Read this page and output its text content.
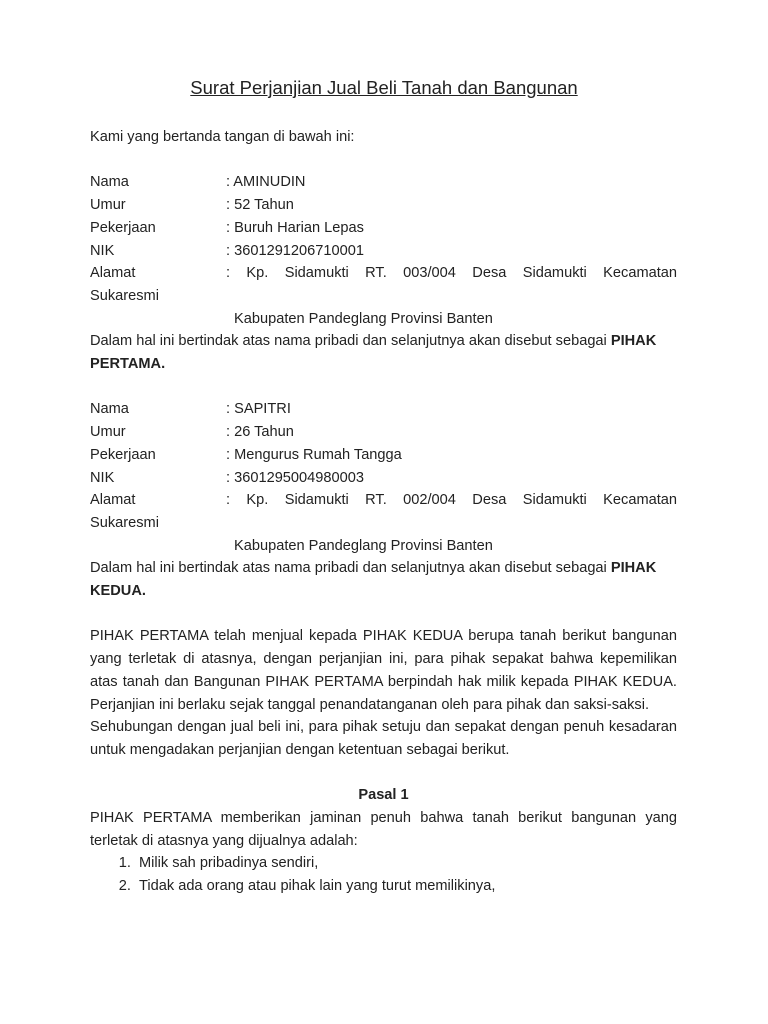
Surat Perjanjian Jual Beli Tanah dan Bangunan
Kami yang bertanda tangan di bawah ini:
Nama	: AMINUDIN
Umur	: 52 Tahun
Pekerjaan	: Buruh Harian Lepas
NIK	: 3601291206710001
Alamat	: Kp. Sidamukti RT. 003/004 Desa Sidamukti Kecamatan
Sukaresmi
Kabupaten Pandeglang Provinsi Banten

Dalam hal ini bertindak atas nama pribadi dan selanjutnya akan disebut sebagai PIHAK PERTAMA.

Nama	: SAPITRI
Umur	: 26 Tahun
Pekerjaan	: Mengurus Rumah Tangga
NIK	: 3601295004980003
Alamat	: Kp. Sidamukti RT. 002/004 Desa Sidamukti Kecamatan
Sukaresmi
Kabupaten Pandeglang Provinsi Banten

Dalam hal ini bertindak atas nama pribadi dan selanjutnya akan disebut sebagai PIHAK KEDUA.

PIHAK PERTAMA telah menjual kepada PIHAK KEDUA berupa tanah berikut bangunan yang terletak di atasnya, dengan perjanjian ini, para pihak sepakat bahwa kepemilikan atas tanah dan Bangunan PIHAK PERTAMA berpindah hak milik kepada PIHAK KEDUA. Perjanjian ini berlaku sejak tanggal penandatanganan oleh para pihak dan saksi-saksi.

Sehubungan dengan jual beli ini, para pihak setuju dan sepakat dengan penuh kesadaran untuk mengadakan perjanjian dengan ketentuan sebagai berikut.

Pasal 1

PIHAK PERTAMA memberikan jaminan penuh bahwa tanah berikut bangunan yang terletak di atasnya yang dijualnya adalah:

1. Milik sah pribadinya sendiri,
2. Tidak ada orang atau pihak lain yang turut memilikinya,
